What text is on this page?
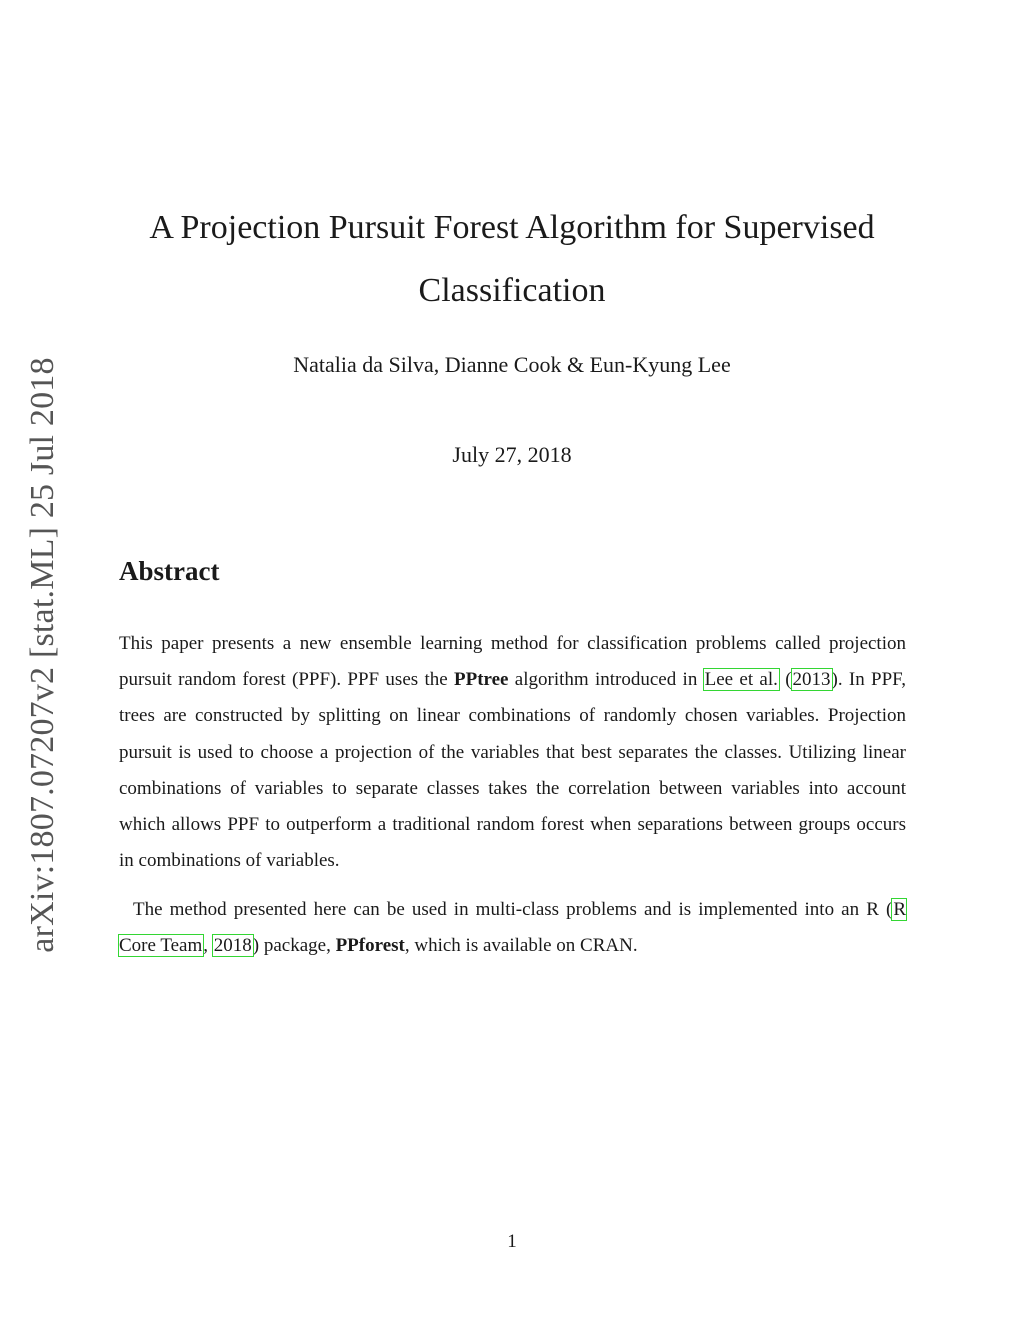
arXiv:1807.07207v2 [stat.ML] 25 Jul 2018
A Projection Pursuit Forest Algorithm for Supervised Classification
Natalia da Silva, Dianne Cook & Eun-Kyung Lee
July 27, 2018
Abstract

This paper presents a new ensemble learning method for classification problems called projection pursuit random forest (PPF). PPF uses the PPtree algorithm introduced in Lee et al. (2013). In PPF, trees are constructed by splitting on linear combinations of randomly chosen variables. Projection pursuit is used to choose a projection of the variables that best separates the classes. Utilizing linear combinations of variables to separate classes takes the correlation between variables into account which allows PPF to outperform a traditional random forest when separations between groups occurs in combinations of variables.

The method presented here can be used in multi-class problems and is implemented into an R (R Core Team, 2018) package, PPforest, which is available on CRAN.

1
